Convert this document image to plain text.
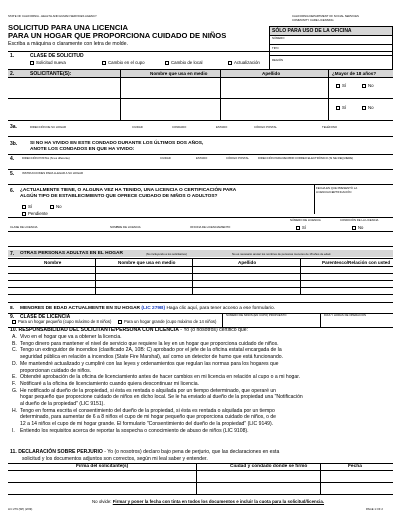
STATE OF CALIFORNIA - HEALTH AND HUMAN SERVICES AGENCY	CALIFORNIA DEPARTMENT OF SOCIAL SERVICES
COMMUNITY CARE LICENSING
SOLICITUD PARA UNA LICENCIA
PARA UN HOGAR QUE PROPORCIONA CUIDADO DE NIÑOS
Escriba a máquina o claramente con letra de molde.
SÓLO PARA USO DE LA OFICINA
NÚMERO
TIPO
REGIÓN
1.	CLASE DE SOLICITUD
Solicitud nueva	Cambio en el cupo	Cambio de local	Actualización
2.	SOLICITANTE(S):	Nombre que usa en medio	Apellido	¿Mayor de 18 años?
Sí	No
Sí	No
3a.	DIRECCIÓN DE SU HOGAR	CIUDAD	CONDADO	ESTADO	CÓDIGO POSTAL	TELÉFONO
3b.	SI NO HA VIVIDO EN ESTE CONDADO DURANTE LOS ÚLTIMOS DOS AÑOS,
ANOTE LOS CONDADOS EN QUE HA VIVIDO:
4.	DIRECCIÓN POSTAL (Si es diferente)	CIUDAD	ESTADO	CÓDIGO POSTAL	DIRECCIÓN PARA RECIBIR CORREO ELECTRÓNICO (SI NE REQUIERE)
5.	INSTRUCCIONES PARA LLEGAR A SU HOGAR
6. ¿ACTUALMENTE TIENE, O ALGUNA VEZ HA TENIDO, UNA LICENCIA O CERTIFICACIÓN PARA
ALGÚN TIPO DE ESTABLECIMIENTO QUE OFRECE CUIDADO DE NIÑOS O ADULTOS?
FECHA EN QUE PRESENTÓ LA
LICENCIA/CERTIFICACIÓN
Sí	No
Pendiente
CLASE DE LICENCIA	NOMBRE DE LICENCIA	OFICINA DE LICENCIAMIENTO
NÚMERO DE LICENCIA	CONDICIÓN DE LA LICENCIA
Sí	No
7. OTRAS PERSONAS ADULTAS EN EL HOGAR	(No incluyendo a los solicitantes)	No es necesario anotar los nombres de personas menores de 18 años de edad.
Nombre	Nombre que usa en medio	Apellido	Parentesco/Relación con usted
8. MENORES DE EDAD ACTUALMENTE EN SU HOGAR (LIC 279B) Haga clic aquí, para tener acceso a ese formulario.
9. CLASE DE LICENCIA	NÚMERO DE NIÑOS (EN CUPO) PROPUESTO	DÍAS Y HORAS DE OPERACIÓN
Para un hogar pequeño (cupo máximo de 8 niños)	Para un hogar grande (cupo máximo de 14 niños)
10. RESPONSABILIDAD DEL SOLICITANTE/PERSONA CON LICENCIA - Yo (o nosotros) certifico que:
A. Vivo en el hogar que va a obtener la licencia.
B. Tengo dinero para mantener el nivel de servicio que requiere la ley en un hogar que proporciona cuidado de niños.
C. Tengo un extinguidor de incendios (clasificado 2A, 10B: C) aprobado por el jefe de la oficina estatal encargada de la
seguridad pública en relación a incendios (State Fire Marshal), así como un detector de humo que está funcionando.
D. Me mantendré actualizado y cumpliré con las leyes y ordenamientos que regulan las normas para los hogares que
proporcionan cuidado de niños.
E. Obtendré aprobación de la oficina de licenciamiento antes de hacer cambios en mi licencia en relación al cupo o a mi hogar.
F. Notificaré a la oficina de licenciamiento cuando quiera descontinuar mi licencia.
G. He notificado al dueño de la propiedad, si ésta es rentada o alquilada por un tiempo determinado, que operaré un
hogar pequeño que proporcione cuidado de niños en dicho local. Se le ha enviado al dueño de la propiedad una "Notificación
al dueño de la propiedad" (LIC 9151).
H. Tengo en forma escrita el consentimiento del dueño de la propiedad, si ésta es rentada o alquilada por un tiempo
determinado, para aumentar de 6 a 8 niños el cupo de mi hogar pequeño que proporciona cuidado de niños, o de
12 a 14 niños el cupo de mi hogar grande. El formulario "Consentimiento del dueño de la propiedad" (LIC 9149).
I. Entiendo los requisitos acerca de reportar la sospecha o conocimiento de abuso de niños (LIC 9108).
11. DECLARACIÓN SOBRE PERJURIO - Yo (o nosotros) declaro bajo pena de perjurio, que las declaraciones en esta
solicitud y los documentos adjuntos son correctos, según mi leal saber y entender.
Firma del solicitante(s)	Ciudad y condado donde se firmó	Fecha
No olvide: Firmar y poner la fecha con tinta en todos los documentos e incluir la cuota para la solicitud/licencia.
LIC 279 (SP) (2/09)	PAGE 1 OF 2
